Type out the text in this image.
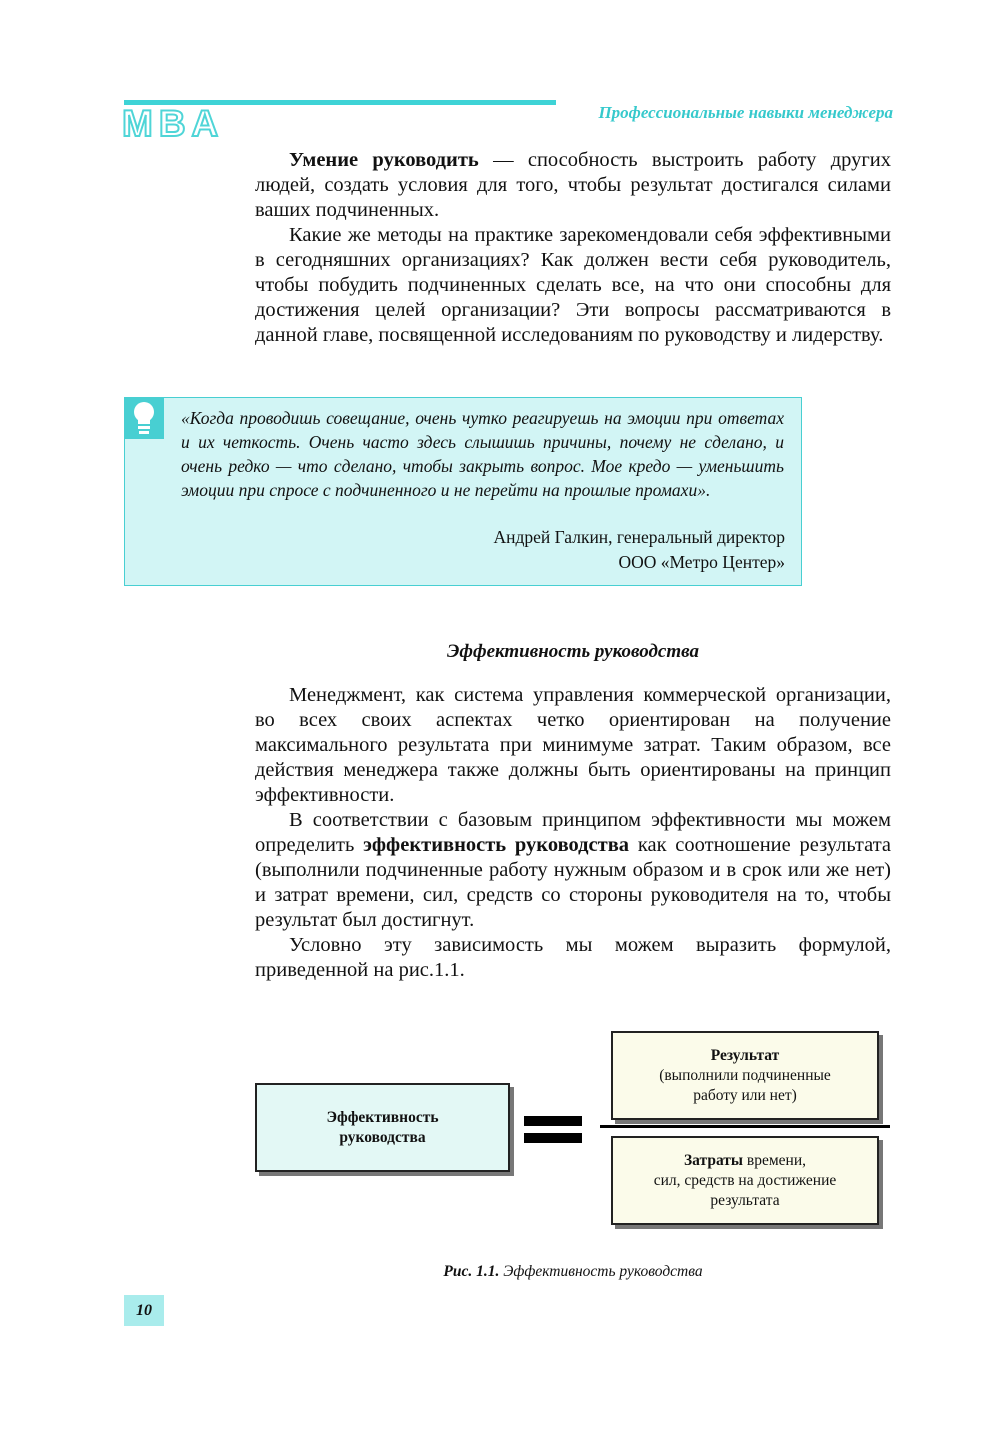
MBA	Профессиональные навыки менеджера

Умение руководить — способность выстроить работу других людей, создать условия для того, чтобы результат достигался силами ваших подчиненных.

Какие же методы на практике зарекомендовали себя эффективными в сегодняшних организациях? Как должен вести себя руководитель, чтобы побудить подчиненных сделать все, на что они способны для достижения целей организации? Эти вопросы рассматриваются в данной главе, посвященной исследованиям по руководству и лидерству.

«Когда проводишь совещание, очень чутко реагируешь на эмоции при ответах и их четкость. Очень часто здесь слышишь причины, почему не сделано, и очень редко — что сделано, чтобы закрыть вопрос. Мое кредо — уменьшить эмоции при спросе с подчиненного и не перейти на прошлые промахи».
Андрей Галкин, генеральный директор
ООО «Метро Центер»
Эффективность руководства

Менеджмент, как система управления коммерческой организации, во всех своих аспектах четко ориентирован на получение максимального результата при минимуме затрат. Таким образом, все действия менеджера также должны быть ориентированы на принцип эффективности.

В соответствии с базовым принципом эффективности мы можем определить эффективность руководства как соотношение результата (выполнили подчиненные работу нужным образом и в срок или же нет) и затрат времени, сил, средств со стороны руководителя на то, чтобы результат был достигнут.

Условно эту зависимость мы можем выразить формулой, приведенной на рис.1.1.

Эффективность
руководства
Результат
(выполнили подчиненные
работу или нет)
Затраты времени,
сил, средств на достижение
результата
Рис. 1.1. Эффективность руководства
10
